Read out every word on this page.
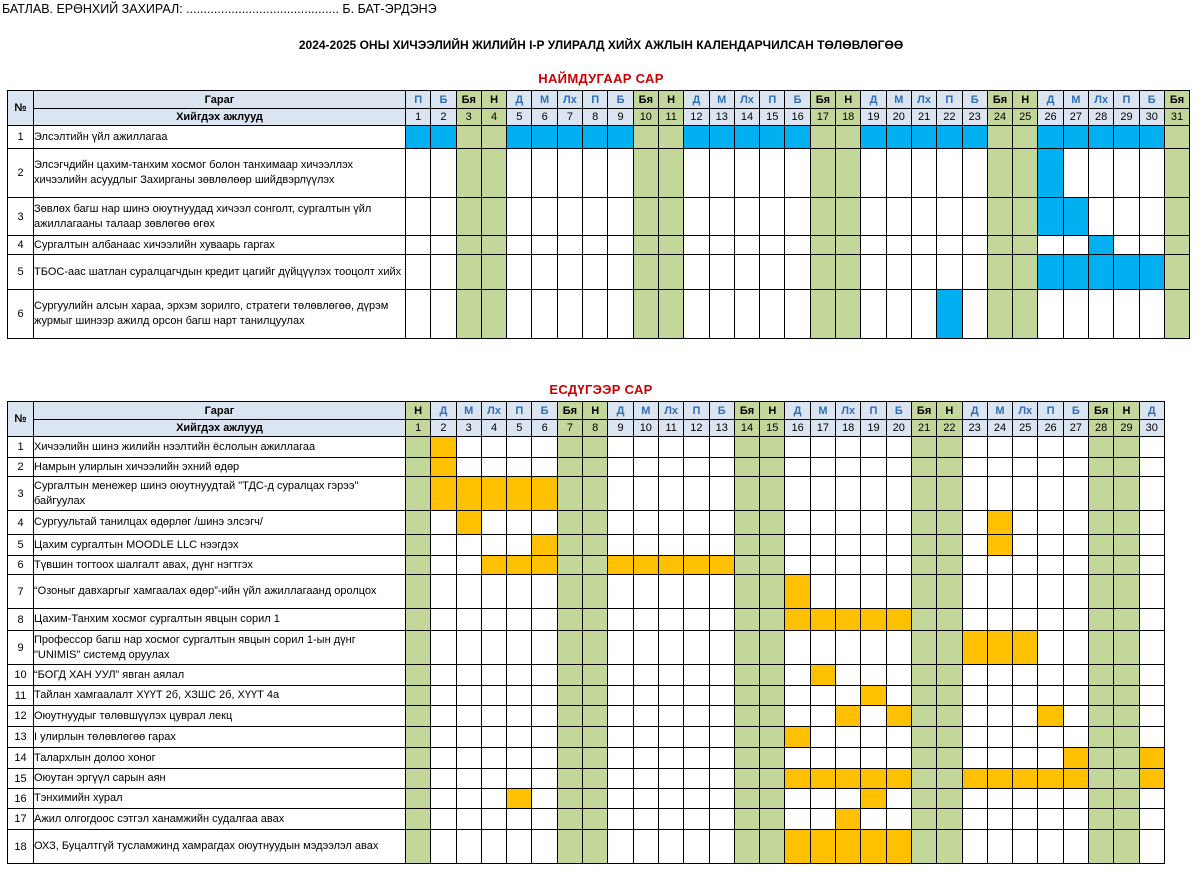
БАТЛАВ. ЕРӨНХИЙ ЗАХИРАЛ: ............................................ Б. БАТ-ЭРДЭНЭ
2024-2025 ОНЫ ХИЧЭЭЛИЙН ЖИЛИЙН I-Р УЛИРАЛД ХИЙХ АЖЛЫН КАЛЕНДАРЧИЛСАН ТӨЛӨВЛӨГӨӨ
НАЙМДУГААР САР
№	Гараг	П	Б	Бя	Н	Д	М	Лх	П	Б	Бя	Н	Д	М	Лх	П	Б	Бя	Н	Д	М	Лх	П	Б	Бя	Н	Д	М	Лх	П	Б	Бя
	Хийгдэх ажлууд	1	2	3	4	5	6	7	8	9	10	11	12	13	14	15	16	17	18	19	20	21	22	23	24	25	26	27	28	29	30	31
1	Элсэлтийн үйл ажиллагаа																															
2	Элсэгчдийн цахим-танхим хосмог болон танхимаар хичээллэх хичээлийн асуудлыг Захирганы зөвлөлөөр шийдвэрлүүлэх																															
3	Зөвлөх багш нар шинэ оюутнуудад хичээл сонголт, сургалтын үйл ажиллагааны талаар зөвлөгөө өгөх																															
4	Сургалтын албанаас хичээлийн хуваарь гаргах																															
5	ТБОС-аас шатлан суралцагчдын кредит цагийг дүйцүүлэх тооцолт хийх																															
6	Сургуулийн алсын хараа, эрхэм зорилго, стратеги төлөвлөгөө, дүрэм журмыг шинээр ажилд орсон багш нарт танилцуулах																															
ЕСДҮГЭЭР САР
№	Гараг	Н	Д	М	Лх	П	Б	Бя	Н	Д	М	Лх	П	Б	Бя	Н	Д	М	Лх	П	Б	Бя	Н	Д	М	Лх	П	Б	Бя	Н	Д
	Хийгдэх ажлууд	1	2	3	4	5	6	7	8	9	10	11	12	13	14	15	16	17	18	19	20	21	22	23	24	25	26	27	28	29	30
1	Хичээлийн шинэ жилийн нээлтийн ёслолын ажиллагаа																														
2	Намрын улирлын хичээлийн эхний өдөр																														
3	Сургалтын менежер шинэ оюутнуудтай "ТДС-д суралцах гэрээ" байгуулах																														
4	Сургуультай танилцах өдөрлөг /шинэ элсэгч/																														
5	Цахим сургалтын MOODLE LLC нээгдэх																														
6	Түвшин тогтоох шалгалт авах, дүнг нэгтгэх																														
7	“Озоныг давхаргыг хамгаалах өдөр”-ийн үйл ажиллагаанд оролцох																														
8	Цахим-Танхим хосмог сургалтын явцын сорил 1																														
9	Профессор багш нар хосмог сургалтын явцын сорил 1-ын дүнг "UNIMIS" системд оруулах																														
10	“БОГД ХАН УУЛ” явган аялал																														
11	Тайлан хамгаалалт ХҮҮТ 2б, ХЗШС 2б, ХҮҮТ 4а																														
12	Оюутнуудыг төлөвшүүлэх цуврал лекц																														
13	I улирлын төлөвлөгөө гарах																														
14	Талархлын долоо хоног																														
15	Оюутан эргүүл сарын аян																														
16	Тэнхимийн хурал																														
17	Ажил олгогдоос сэтгэл ханамжийн судалгаа авах																														
18	ОХЗ, Буцалтгүй тусламжинд хамрагдах оюутнуудын мэдээлэл авах																														
